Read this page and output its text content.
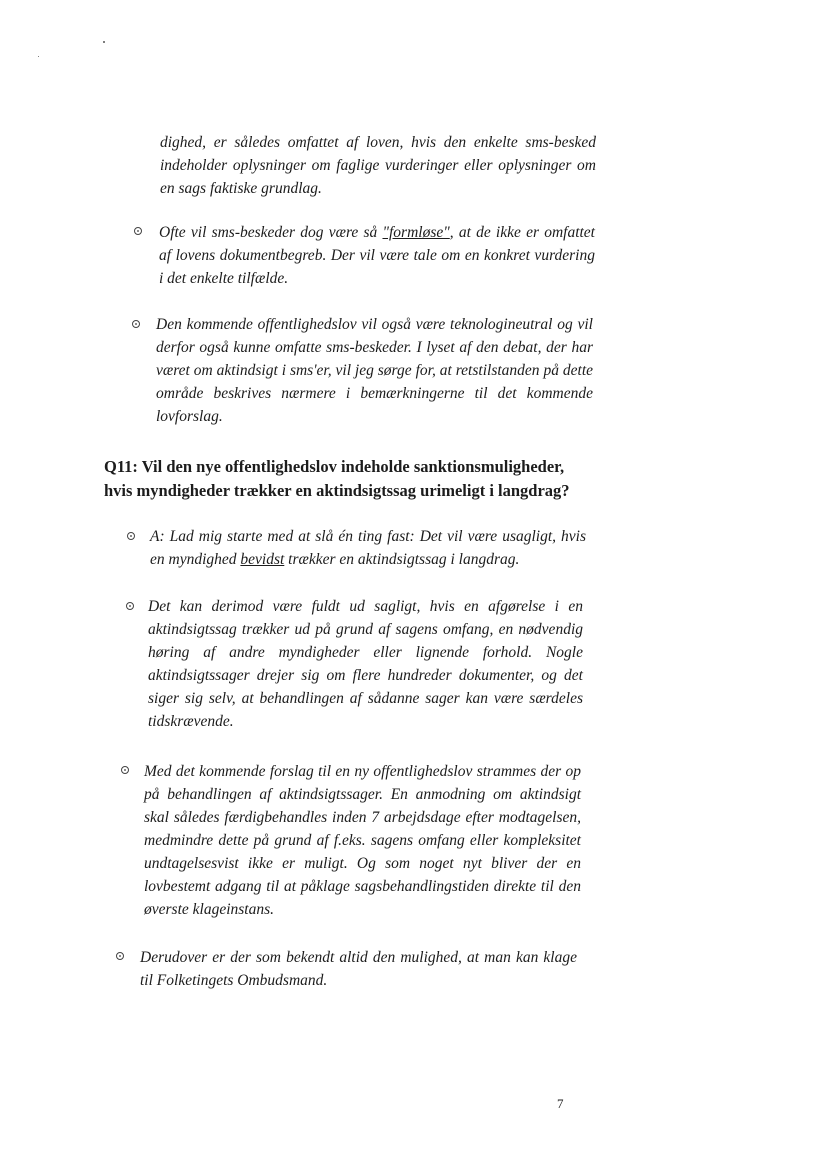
dighed, er således omfattet af loven, hvis den enkelte sms-besked indeholder oplysninger om faglige vurderinger eller oplysninger om en sags faktiske grundlag.

Ofte vil sms-beskeder dog være så "formløse", at de ikke er omfattet af lovens dokumentbegreb. Der vil være tale om en konkret vurdering i det enkelte tilfælde.

Den kommende offentlighedslov vil også være teknologineutral og vil derfor også kunne omfatte sms-beskeder. I lyset af den debat, der har været om aktindsigt i sms'er, vil jeg sørge for, at retstilstanden på dette område beskrives nærmere i bemærkningerne til det kommende lovforslag.

Q11: Vil den nye offentlighedslov indeholde sanktionsmuligheder, hvis myndigheder trækker en aktindsigtssag urimeligt i langdrag?

A: Lad mig starte med at slå én ting fast: Det vil være usagligt, hvis en myndighed bevidst trækker en aktindsigtssag i langdrag.

Det kan derimod være fuldt ud sagligt, hvis en afgørelse i en aktindsigtssag trækker ud på grund af sagens omfang, en nødvendig høring af andre myndigheder eller lignende forhold. Nogle aktindsigtssager drejer sig om flere hundreder dokumenter, og det siger sig selv, at behandlingen af sådanne sager kan være særdeles tidskrævende.

Med det kommende forslag til en ny offentlighedslov strammes der op på behandlingen af aktindsigtssager. En anmodning om aktindsigt skal således færdigbehandles inden 7 arbejdsdage efter modtagelsen, medmindre dette på grund af f.eks. sagens omfang eller kompleksitet undtagelsesvist ikke er muligt. Og som noget nyt bliver der en lovbestemt adgang til at påklage sagsbehandlingstiden direkte til den øverste klageinstans.

Derudover er der som bekendt altid den mulighed, at man kan klage til Folketingets Ombudsmand.

7
